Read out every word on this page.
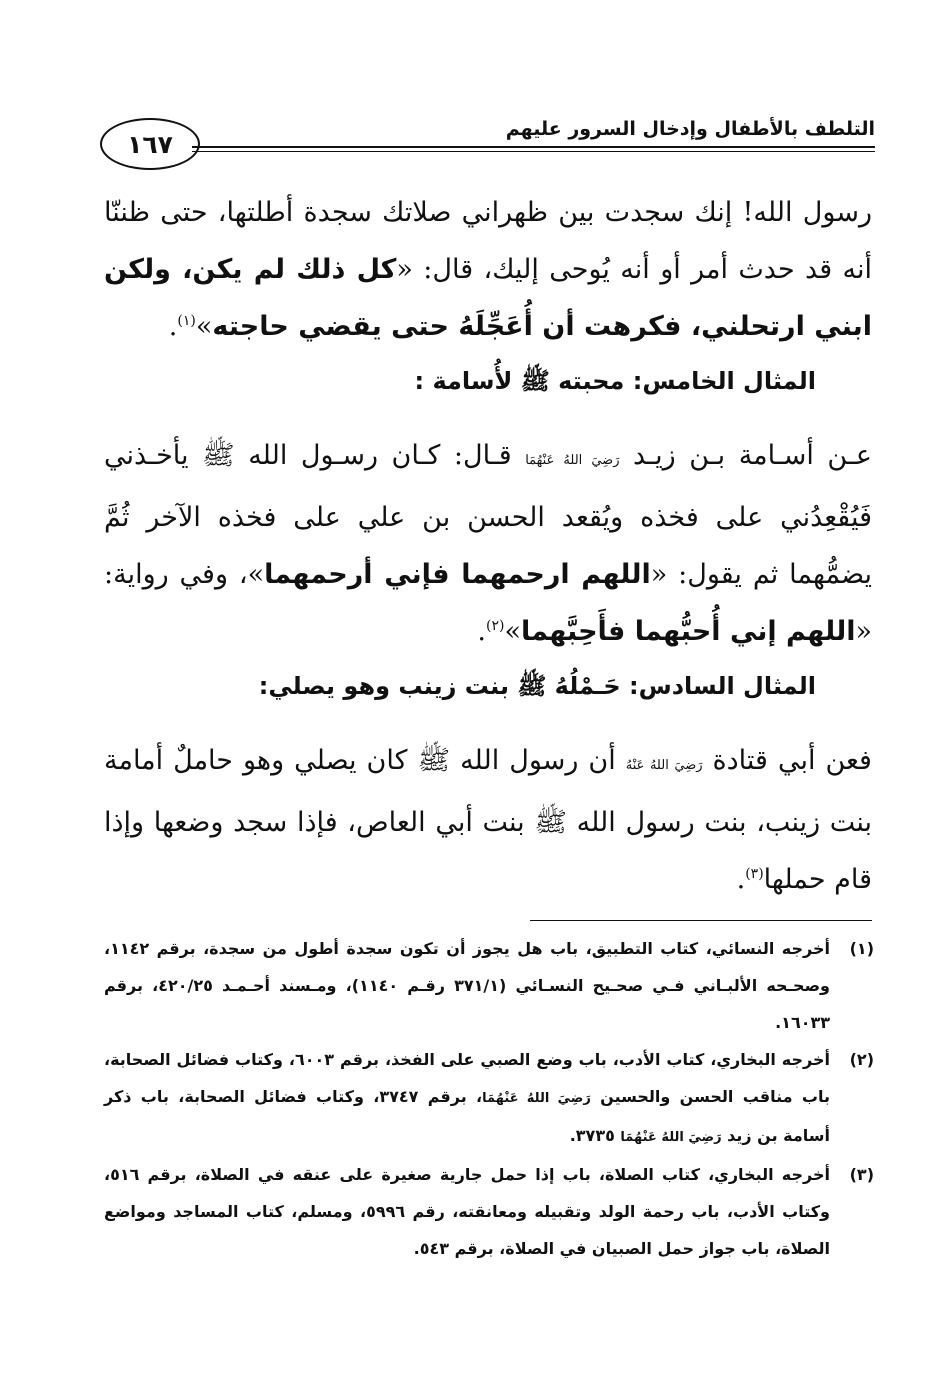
١٦٧
التلطف بالأطفال وإدخال السرور عليهم

رسول الله! إنك سجدت بين ظهراني صلاتك سجدة أطلتها، حتى ظننّا أنه قد حدث أمر أو أنه يُوحى إليك، قال: «كل ذلك لم يكن، ولكن ابني ارتحلني، فكرهت أن أُعَجِّلَهُ حتى يقضي حاجته»$^{(١)}$.

المثال الخامس: محبته ﷺ لأُسامة :

عـن أسـامة بـن زيـد رَضِيَ اللهُ عَنْهُمَا قـال: كـان رسـول الله ﷺ يأخـذني فَيُقْعِدُني على فخذه ويُقعد الحسن بن علي على فخذه الآخر ثُمَّ يضمُّهما ثم يقول: «اللهم ارحمهما فإني أرحمهما»، وفي رواية: «اللهم إني أُحبُّهما فأَحِبَّهما»$^{(٢)}$.

المثال السادس: حَـمْلُهُ ﷺ بنت زينب وهو يصلي:

فعن أبي قتادة رَضِيَ اللهُ عَنْهُ أن رسول الله ﷺ كان يصلي وهو حاملٌ أمامة بنت زينب، بنت رسول الله ﷺ بنت أبي العاص، فإذا سجد وضعها وإذا قام حملها$^{(٣)}$.

(١)
أخرجه النسائي، كتاب التطبيق، باب هل يجوز أن تكون سجدة أطول من سجدة، برقم ١١٤٢، وصحـحه الألبـاني فـي صحـيح النسـائي (٣٧١/١ رقـم ١١٤٠)، ومـسند أحـمـد ٤٢٠/٢٥، برقم ١٦٠٣٣.
(٢)
أخرجه البخاري، كتاب الأدب، باب وضع الصبي على الفخذ، برقم ٦٠٠٣، وكتاب فضائل الصحابة، باب مناقب الحسن والحسين رَضِيَ اللهُ عَنْهُمَا، برقم ٣٧٤٧، وكتاب فضائل الصحابة، باب ذكر أسامة بن زيد رَضِيَ اللهُ عَنْهُمَا ٣٧٣٥.
(٣)
أخرجه البخاري، كتاب الصلاة، باب إذا حمل جارية صغيرة على عنقه في الصلاة، برقم ٥١٦، وكتاب الأدب، باب رحمة الولد وتقبيله ومعانقته، رقم ٥٩٩٦، ومسلم، كتاب المساجد ومواضع الصلاة، باب جواز حمل الصبيان في الصلاة، برقم ٥٤٣.
